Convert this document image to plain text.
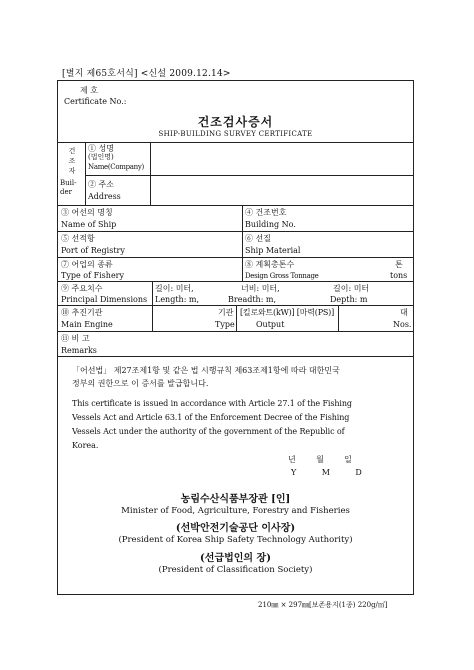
[별지 제65호서식] <신설 2009.12.14>
제 호
Certificate No.:
건조검사증서
SHIP-BUILDING SURVEY CERTIFICATE
건
조
자
Buil-
der
① 성명
(법인명)
Name(Company)
② 주소
Address
③ 어선의 명칭
Name of Ship
④ 건조번호
Building No.
⑤ 선적항
Port of Registry
⑥ 선질
Ship Material
⑦ 어업의 종류
Type of Fishery
⑧ 계획총톤수
Design Gross Tonnage
톤
tons
⑨ 주요치수
Principal Dimensions
길이: 미터,
Length: m,
너비: 미터,
Breadth: m,
길이: 미터
Depth: m
⑩ 추진기관
Main Engine
기관
Type
[킬로와트(kW)] [마력(PS)]
Output
대
Nos.
⑪ 비 고
Remarks
「어선법」 제27조제1항 및 같은 법 시행규칙 제63조제1항에 따라 대한민국
정부의 권한으로 이 증서를 발급합니다.
This certificate is issued in accordance with Article 27.1 of the Fishing
Vessels Act and Article 63.1 of the Enforcement Decree of the Fishing
Vessels Act under the authority of the government of the Republic of
Korea.
년        월        일
Y          M          D
농림수산식품부장관 [인]
Minister of Food, Agriculture, Forestry and Fisheries
(선박안전기술공단 이사장)
(President of Korea Ship Safety Technology Authority)
(선급법인의 장)
(President of Classification Society)
210㎜ × 297㎜[보존용지(1종) 220g/㎡]
